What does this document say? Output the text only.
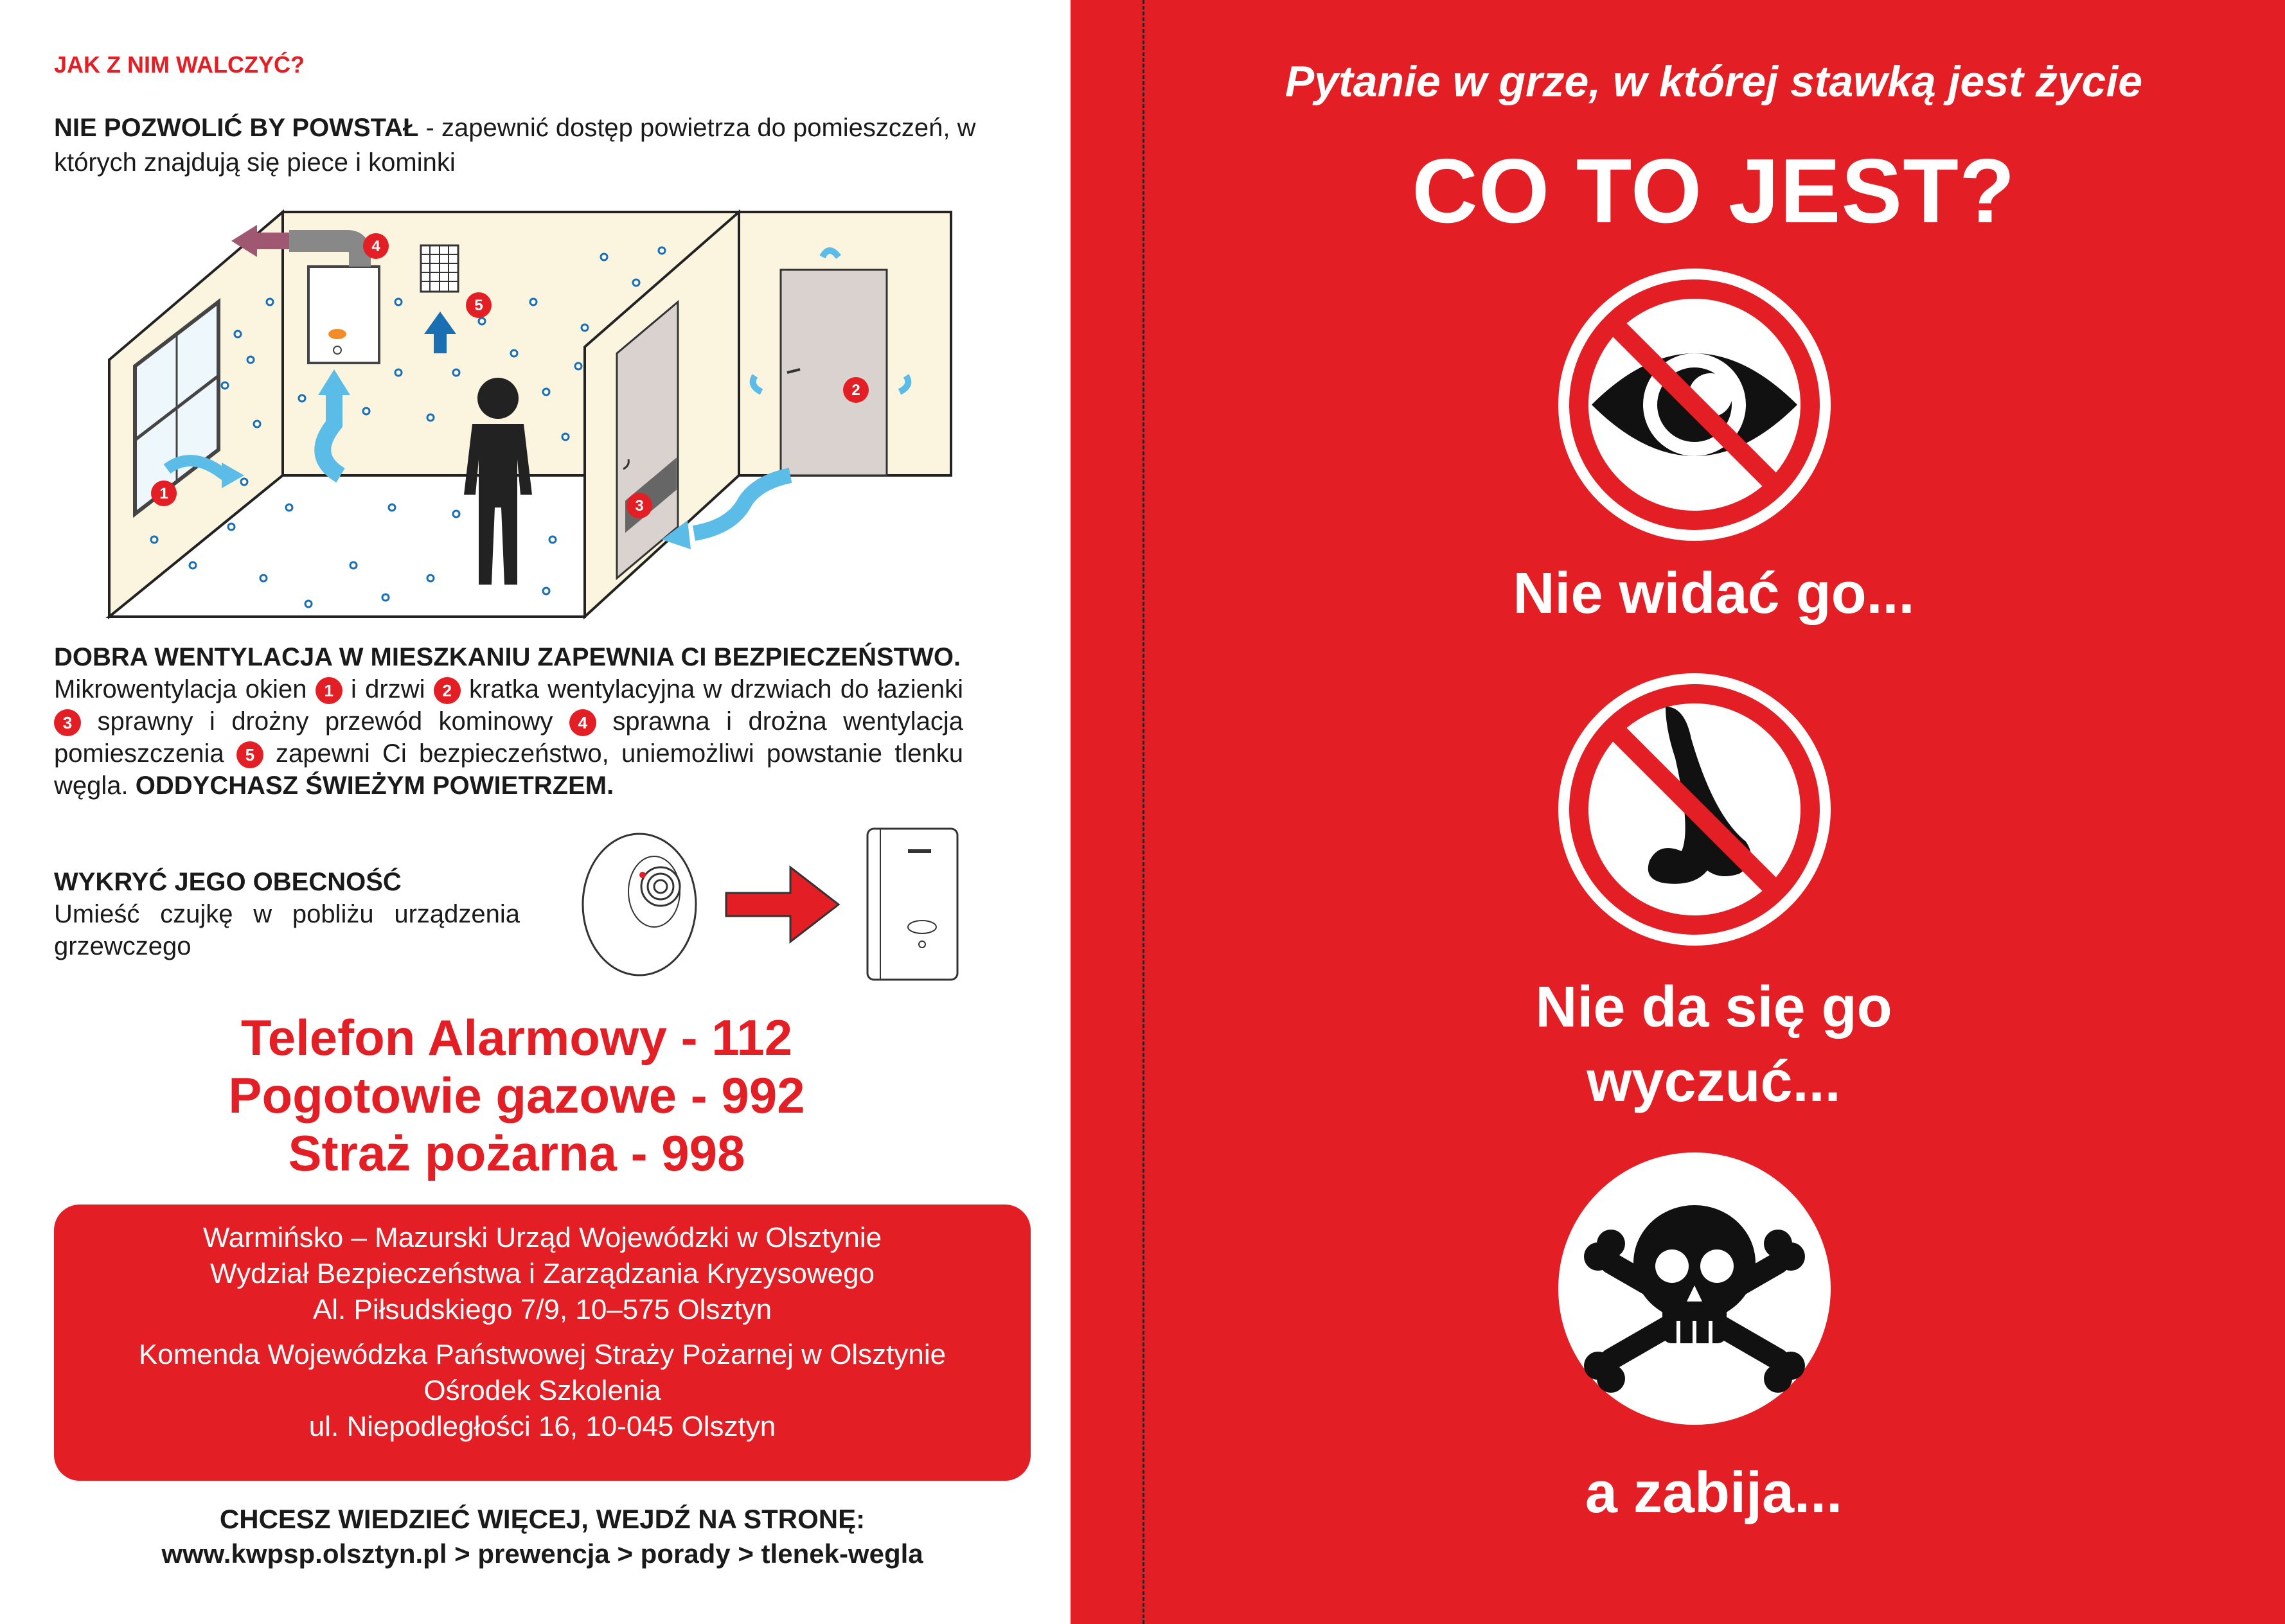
JAK Z NIM WALCZYĆ?
NIE POZWOLIĆ BY POWSTAŁ - zapewnić dostęp powietrza do pomieszczeń, w których znajdują się piece i kominki
1
2
3
4
5
DOBRA WENTYLACJA W MIESZKANIU ZAPEWNIA CI BEZPIECZEŃSTWO.
Mikrowentylacja okien 1 i drzwi 2 kratka wentylacyjna w drzwiach do łazienki 3 sprawny i drożny przewód kominowy 4 sprawna i drożna wentylacja pomieszczenia 5 zapewni Ci bezpieczeństwo, uniemożliwi powstanie tlenku węgla. ODDYCHASZ ŚWIEŻYM POWIETRZEM.
WYKRYĆ JEGO OBECNOŚĆ
Umieść czujkę w pobliżu urządzenia grzewczego
Telefon Alarmowy - 112
Pogotowie gazowe - 992
Straż pożarna - 998
Warmińsko – Mazurski Urząd Wojewódzki w Olsztynie
Wydział Bezpieczeństwa i Zarządzania Kryzysowego
Al. Piłsudskiego 7/9, 10–575 Olsztyn
Komenda Wojewódzka Państwowej Straży Pożarnej w Olsztynie
Ośrodek Szkolenia
ul. Niepodległości 16, 10-045 Olsztyn
CHCESZ WIEDZIEĆ WIĘCEJ, WEJDŹ NA STRONĘ:
www.kwpsp.olsztyn.pl > prewencja > porady > tlenek-wegla
Pytanie w grze, w której stawką jest życie
CO TO JEST?
Nie widać go...
Nie da się go
wyczuć...
a zabija...
